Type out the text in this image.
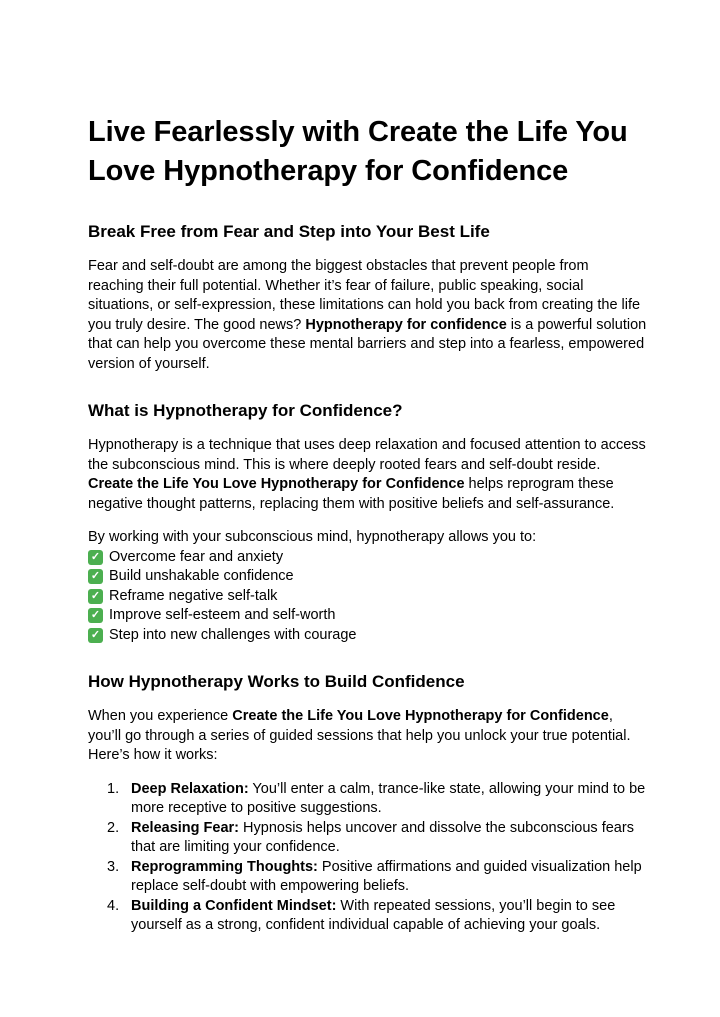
Live Fearlessly with Create the Life You Love Hypnotherapy for Confidence
Break Free from Fear and Step into Your Best Life

Fear and self-doubt are among the biggest obstacles that prevent people from reaching their full potential. Whether it’s fear of failure, public speaking, social situations, or self-expression, these limitations can hold you back from creating the life you truly desire. The good news? Hypnotherapy for confidence is a powerful solution that can help you overcome these mental barriers and step into a fearless, empowered version of yourself.

What is Hypnotherapy for Confidence?

Hypnotherapy is a technique that uses deep relaxation and focused attention to access the subconscious mind. This is where deeply rooted fears and self-doubt reside. Create the Life You Love Hypnotherapy for Confidence helps reprogram these negative thought patterns, replacing them with positive beliefs and self-assurance.

By working with your subconscious mind, hypnotherapy allows you to:

✓ Overcome fear and anxiety
✓ Build unshakable confidence
✓ Reframe negative self-talk
✓ Improve self-esteem and self-worth
✓ Step into new challenges with courage
How Hypnotherapy Works to Build Confidence

When you experience Create the Life You Love Hypnotherapy for Confidence, you’ll go through a series of guided sessions that help you unlock your true potential. Here’s how it works:

1. Deep Relaxation: You’ll enter a calm, trance-like state, allowing your mind to be more receptive to positive suggestions.
2. Releasing Fear: Hypnosis helps uncover and dissolve the subconscious fears that are limiting your confidence.
3. Reprogramming Thoughts: Positive affirmations and guided visualization help replace self-doubt with empowering beliefs.
4. Building a Confident Mindset: With repeated sessions, you’ll begin to see yourself as a strong, confident individual capable of achieving your goals.
